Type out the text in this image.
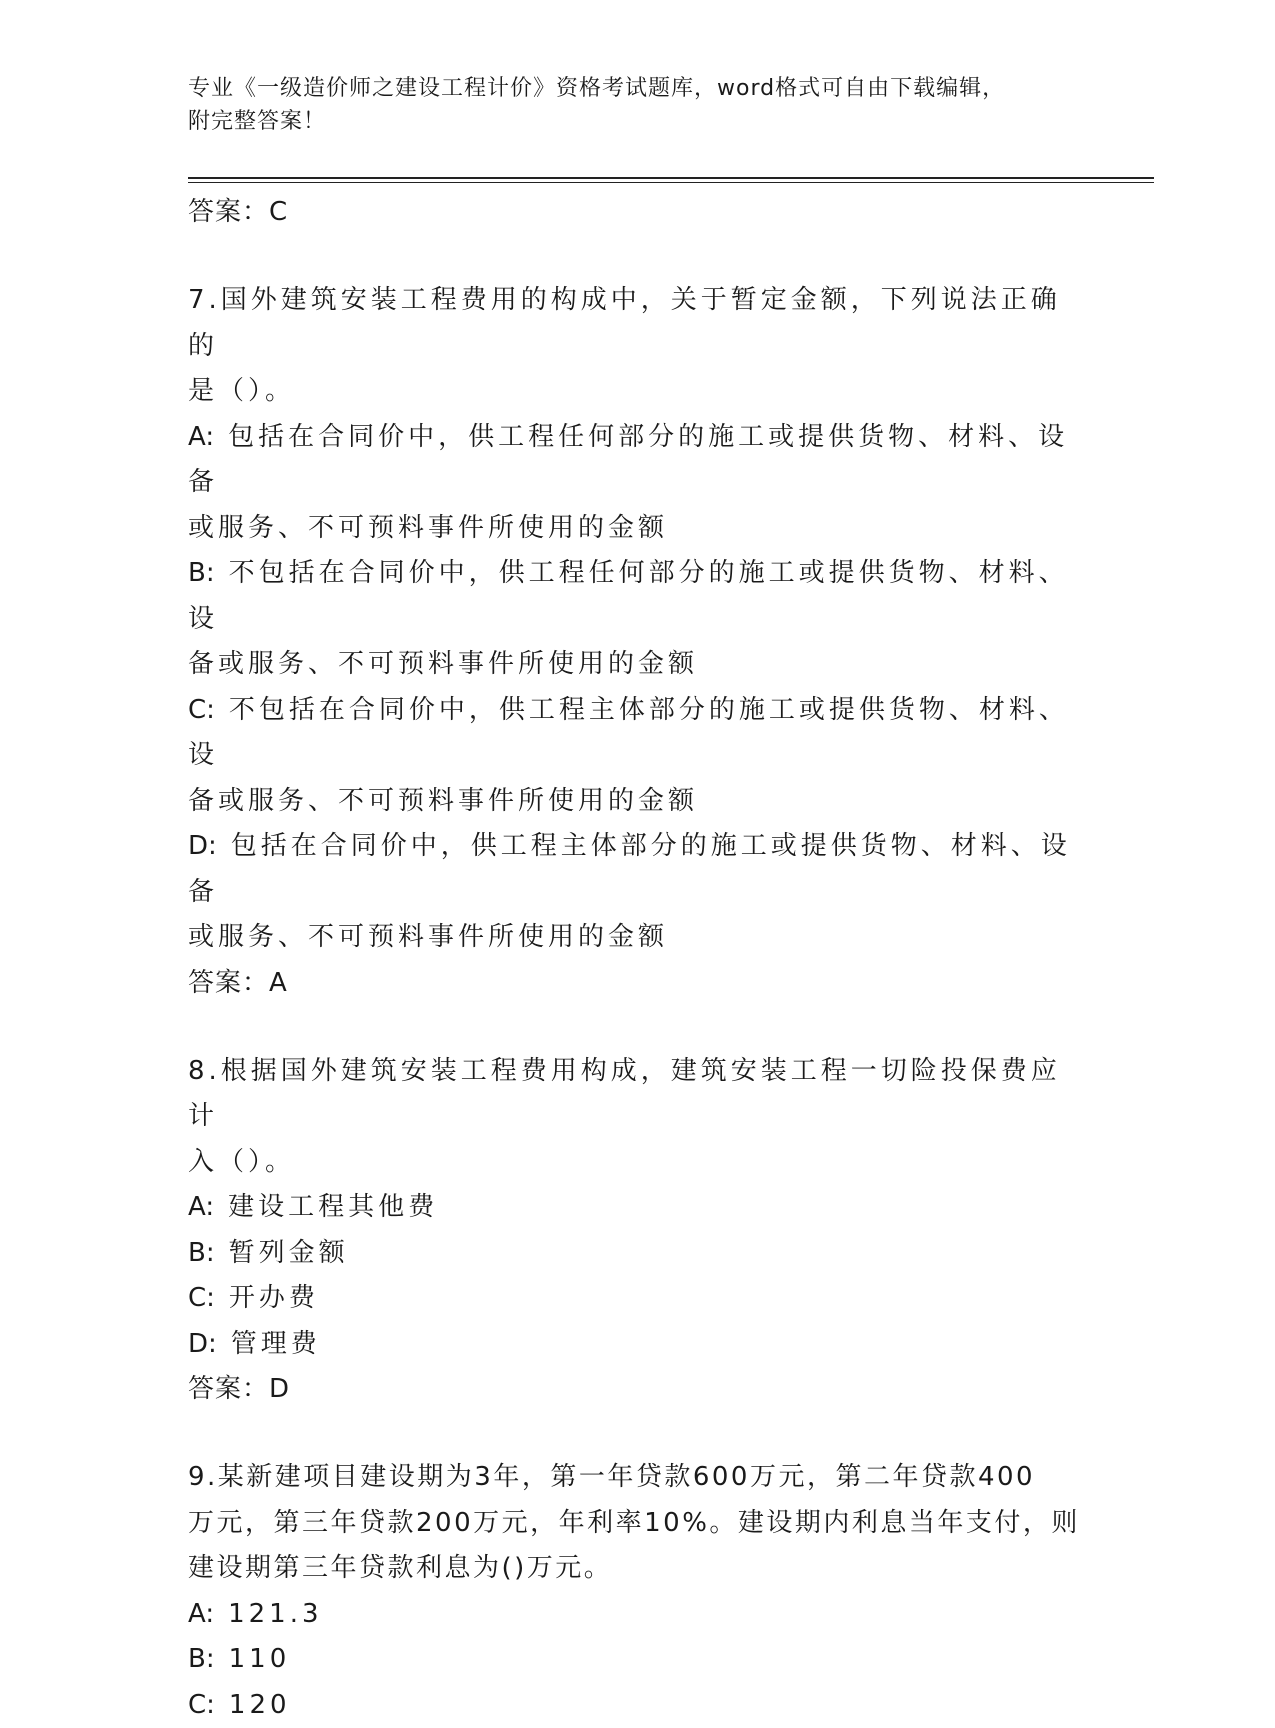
专业《一级造价师之建设工程计价》资格考试题库，word格式可自由下载编辑，
附完整答案！
答案：C
7.国外建筑安装工程费用的构成中，关于暂定金额，下列说法正确的
是（）。
A: 包括在合同价中，供工程任何部分的施工或提供货物、材料、设备
或服务、不可预料事件所使用的金额
B: 不包括在合同价中，供工程任何部分的施工或提供货物、材料、设
备或服务、不可预料事件所使用的金额
C: 不包括在合同价中，供工程主体部分的施工或提供货物、材料、设
备或服务、不可预料事件所使用的金额
D: 包括在合同价中，供工程主体部分的施工或提供货物、材料、设备
或服务、不可预料事件所使用的金额
答案：A
8.根据国外建筑安装工程费用构成，建筑安装工程一切险投保费应计
入（）。
A: 建设工程其他费
B: 暂列金额
C: 开办费
D: 管理费
答案：D
9.某新建项目建设期为3年，第一年贷款600万元，第二年贷款400
万元，第三年贷款200万元，年利率10%。建设期内利息当年支付，则
建设期第三年贷款利息为()万元。
A: 121.3
B: 110
C: 120
